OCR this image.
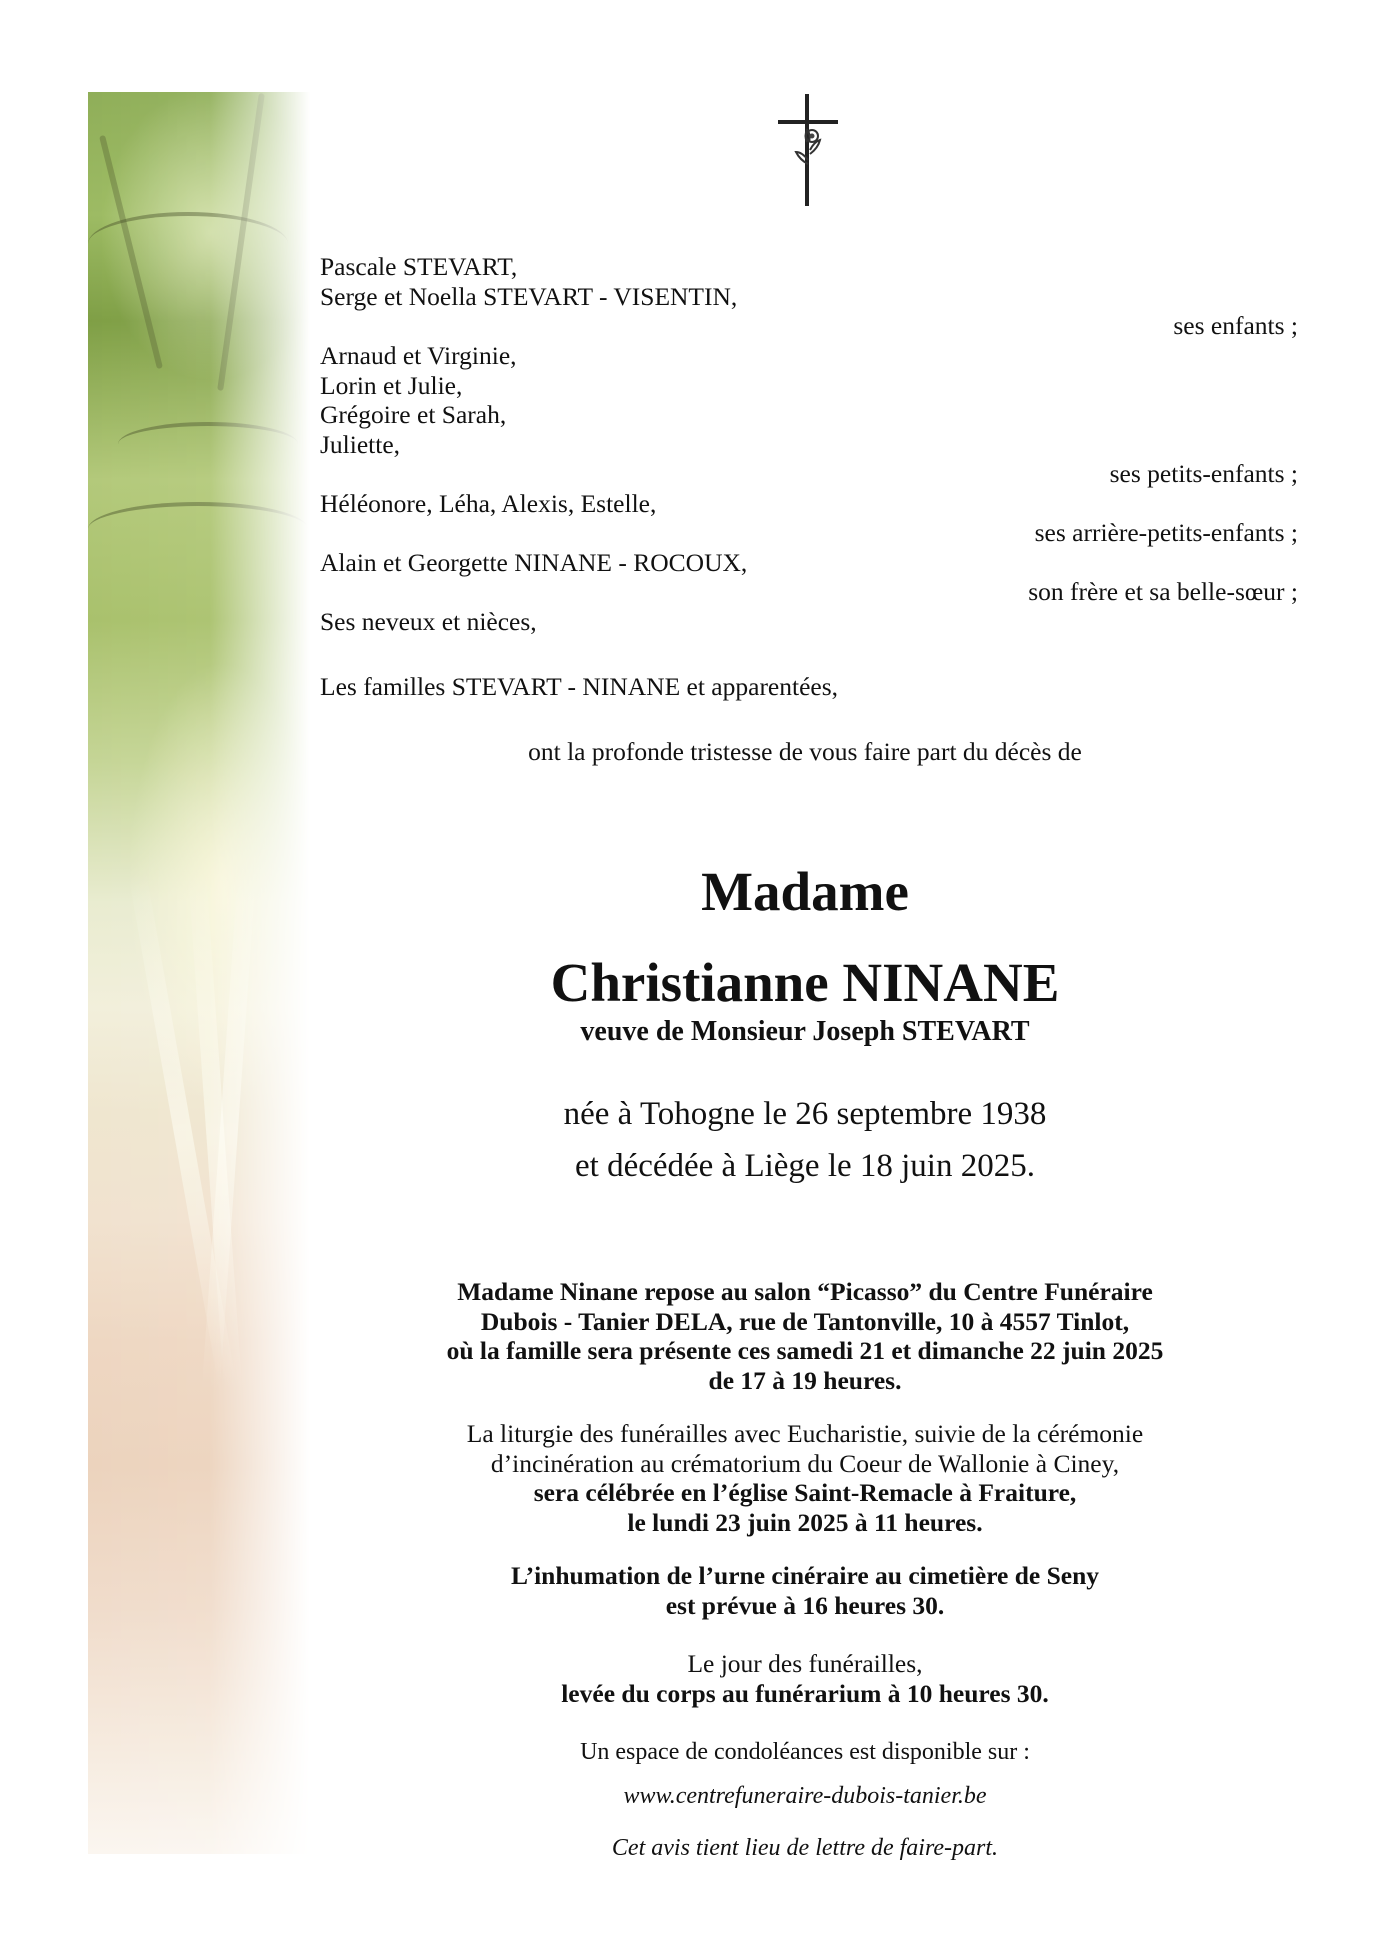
Pascale STEVART,
Serge et Noella STEVART - VISENTIN,
ses enfants ;
Arnaud et Virginie,
Lorin et Julie,
Grégoire et Sarah,
Juliette,
ses petits-enfants ;
Héléonore, Léha, Alexis, Estelle,
ses arrière-petits-enfants ;
Alain et Georgette NINANE - ROCOUX,
son frère et sa belle-sœur ;
Ses neveux et nièces,
Les familles STEVART - NINANE et apparentées,
ont la profonde tristesse de vous faire part du décès de
Madame
Christianne NINANE
veuve de Monsieur Joseph STEVART
née à Tohogne le 26 septembre 1938
et décédée à Liège le 18 juin 2025.
Madame Ninane repose au salon “Picasso” du Centre Funéraire
Dubois - Tanier DELA, rue de Tantonville, 10 à 4557 Tinlot,
où la famille sera présente ces samedi 21 et dimanche 22 juin 2025
de 17 à 19 heures.
La liturgie des funérailles avec Eucharistie, suivie de la cérémonie
d’incinération au crématorium du Coeur de Wallonie à Ciney,
sera célébrée en l’église Saint-Remacle à Fraiture,
le lundi 23 juin 2025 à 11 heures.
L’inhumation de l’urne cinéraire au cimetière de Seny
est prévue à 16 heures 30.
Le jour des funérailles,
levée du corps au funérarium à 10 heures 30.
Un espace de condoléances est disponible sur :
www.centrefuneraire-dubois-tanier.be
Cet avis tient lieu de lettre de faire-part.
